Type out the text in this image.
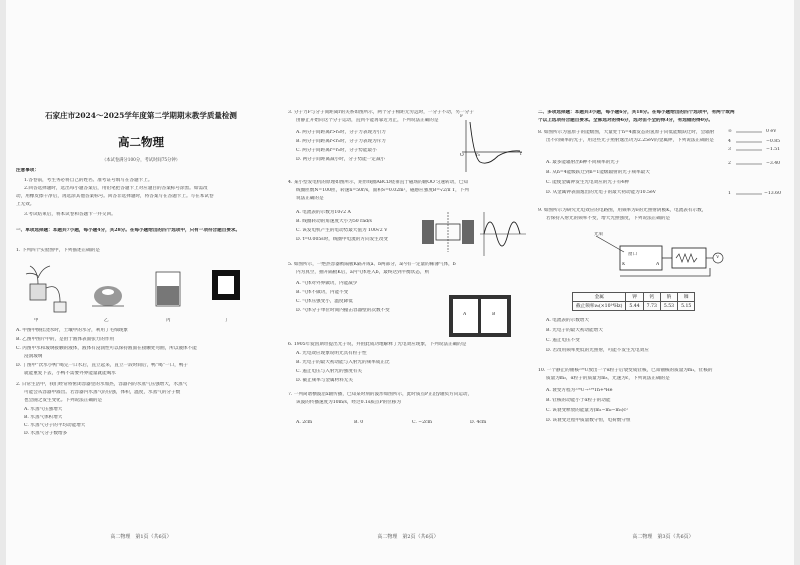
石家庄市2024～2025学年度第二学期期末教学质量检测
高二物理
（本试卷满分100分，考试时间75分钟）
注意事项：
1.答卷前，考生务必将自己的姓名、准考证号填写在答题卡上。
2.回答选择题时，选出每小题答案后，用铅笔把答题卡上对应题目的答案标号涂黑。如需改
动，用橡皮擦干净后，再选涂其他答案标号。回答非选择题时，将答案写在答题卡上。写在本试卷
上无效。
3.考试结束后，将本试卷和答题卡一并交回。
一、单项选择题：本题共7小题，每小题4分，共28分。在每小题给出的四个选项中，只有一项符合题目要求。
1. 下列四个实验图中，下列描述正确的是
甲	乙	丙	丁
A. 甲图中倒挂浇水时，土壤中的水分，利用了毛细现象
B. 乙图中图片中的，是由于液体表面张力的作用
C. 丙图中水和玻璃接触的液体，液体有浸润性可以保持液面在接触处弯曲，所以液体不能
浸润玻璃
D. 丁图中“饮水小鸭”喝完一口水后，直立起来，直立一段时间后，鸭“喝”一口，鸭子
就能重复下去，小鸭不需要外界能量就能喝水
2. 日常生活中，我们经常将密闭容器里的水加热，容器内的水蒸气压强增大，水蒸气
可能会从容器中溢出。若容器内水蒸气的压强，体积，温度，水蒸气的分子数
也会随之发生变化。下列说法正确的是
A. 水蒸气压强增大
B. 水蒸气体积增大
C. 水蒸气分子的平均动能增大
D. 水蒸气分子数增多
高二物理　第1页（共6页）
3. 分子力F与分子间距离r的关系如图所示，两个分子相距无穷远时，一分子不动，另一分子
由静止开始向这个分子运动，直到不能再靠近为止，下列说法正确的是
A. 两分子间距离r>r₀时，分子力表现为引力
B. 两分子间距离r<r₀时，分子力表现为斥力
C. 两分子间距离r=r₀时，分子势能最小
D. 两分子间距离减小时，分子势能一定减小
F
r
O	r₀
4. 某小型发电机的原理如图所示，矩形线圈ABCD绕垂直于磁场的轴OO′匀速转动，已知
线圈匝数N=100匝，转速n=50r/s，面积S=0.02m²，磁感应强度B=√2/π T，下列
说法正确的是
A. 电流表的示数为10√2 A
B. 线圈转动的角速度大小为50 rad/s
C. 该发电机产生的电动势最大值为 100√2 V
D. t=0.005s时，线圈中电流的方向发生改变
5. 如图所示，一绝热容器被隔板K隔开成a、b两部分，a内有一定量的稀薄气体，b
内为真空，抽开隔板K后，a内气体进入b，最终达到平衡状态，则
A. 气体对外界做功，内能减少
B. 气体不做功，内能不变
C. 气体压强变小，温度降低
D. 气体分子单位时间内撞击容器壁的次数不变
A	B
6. 1905年爱因斯坦提出光子说，并由此成功地解释了光电效应现象，下列说法正确的是
A. 光电效应现象说明光具有粒子性
B. 光电子的最大初动能与入射光的频率成正比
C. 遏止电压与入射光的强度有关
D. 截止频率与金属材料无关
7. 一列简谐横波沿x轴传播，已知某时刻的波形如图所示，此时质点P正沿y轴负方向运动，
该波的传播速度为10m/s，经过0.1s质点P的位移为
A. 2cm	B. 0	C. −2cm	D. 4cm
高二物理　第2页（共6页）
二、多项选择题：本题共3小题，每小题6分，共18分。在每小题给出的四个选项中，有两个或两
个以上选项符合题目要求。全部选对的得6分，选对但不全的得3分，有选错的得0分。
8. 如图所示为氢原子的能级图，大量处于n=4激发态的氢原子向低能级跃迁时，会辐射
出不同频率的光子，用这些光子照射逸出功为2.25eV的金属钾，下列说法正确的是
A. 最多能辐射出6种不同频率的光子
B. 从n=4能级跃迁到n=1能级辐射的光子频率最大
C. 能使金属钾发生光电效应的光子有4种
D. 从金属钾表面逸出的光电子的最大初动能为10.5eV
∞	0 eV
4	−0.85
3	−1.51
2	−3.40
1	−13.60
9. 如图所示为研究光电效应的电路图，用频率为ν的光照射阴极K，电流表有示数，
若保持入射光的频率不变，增大光照强度，下列说法正确的是
光束
窗口
K	A
V
金属	钾	钙	钠	铷
截止频率ν₀(×10¹⁴Hz)	5.44	7.73	5.53	5.15
A. 电流表的示数增大
B. 光电子的最大初动能增大
C. 遏止电压不变
D. 若改用频率更低的光照射，可能不发生光电效应
10. 一个静止的铀核²³⁸U放出一个α粒子后衰变成钍核，已知铀核的质量为m₁，钍核的
质量为m₂，α粒子的质量为m₃，光速为c，下列说法正确的是
A. 衰变方程为²³⁸U→²³⁴Th+⁴He
B. 钍核的动能小于α粒子的动能
C. 该衰变释放的能量为(m₁−m₂−m₃)c²
D. 该衰变过程中质量数守恒，电荷数守恒
高二物理　第3页（共6页）
